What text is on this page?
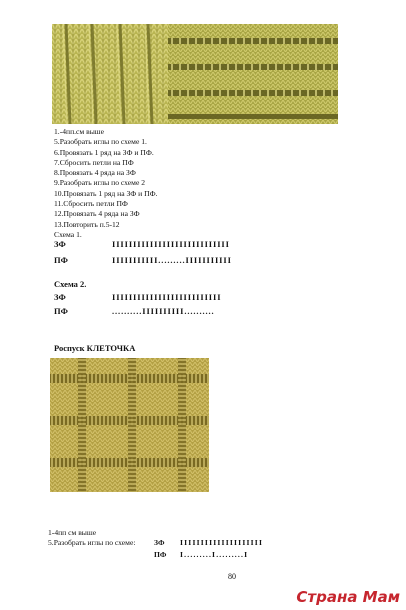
1.-4пп.см выше
5.Разобрать иглы по схеме 1.
6.Провязать 1 ряд на ЗФ и ПФ.
7.Сбросить петли на ПФ
8.Провязать 4 ряда на ЗФ
9.Разобрать иглы по схеме 2
10.Провязать 1 ряд на ЗФ и ПФ.
11.Сбросить петли ПФ
12.Провязать 4 ряда на ЗФ
13.Повторить п.5-12
Схема 1.
ЗФ	IIIIIIIIIIIIIIIIIIIIIIIIIIII
ПФ	IIIIIIIIIII.........IIIIIIIIIII
Схема 2.
ЗФ	IIIIIIIIIIIIIIIIIIIIIIIIII
ПФ	..........IIIIIIIIII..........
Роспуск КЛЕТОЧКА
1-4пп см выше
5.Разобрать иглы по схеме: ЗФ IIIIIIIIIIIIIIIIIIII
ПФ I.........I.........I
80
Страна Мам
